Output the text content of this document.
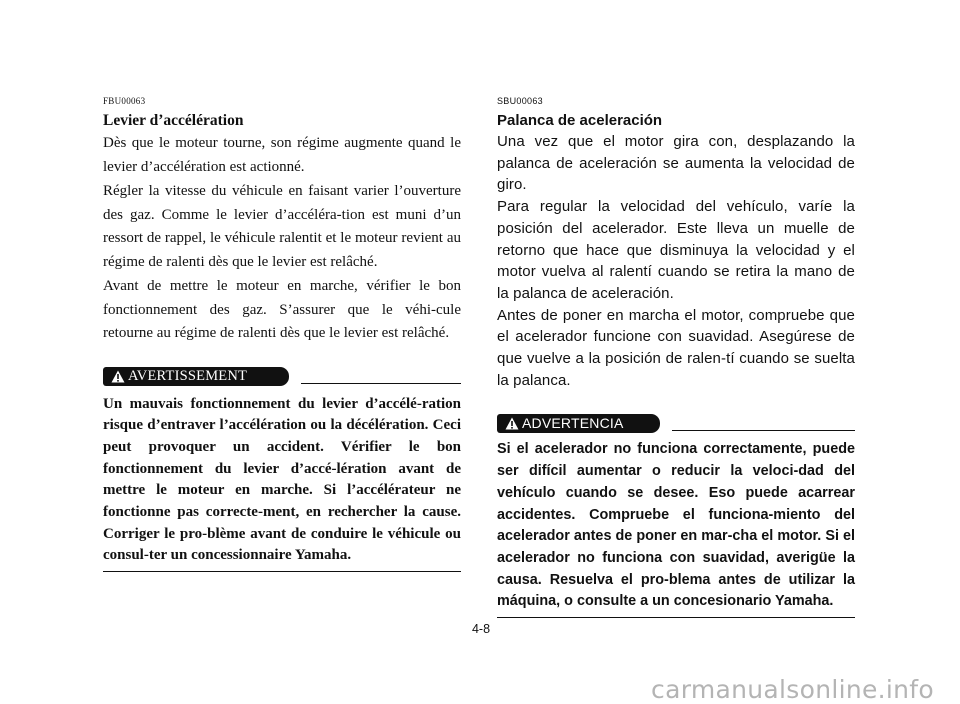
FBU00063

Levier d’accélération

Dès que le moteur tourne, son régime augmente quand le levier d’accélération est actionné.

Régler la vitesse du véhicule en faisant varier l’ouverture des gaz. Comme le levier d’accéléra-tion est muni d’un ressort de rappel, le véhicule ralentit et le moteur revient au régime de ralenti dès que le levier est relâché.

Avant de mettre le moteur en marche, vérifier le bon fonctionnement des gaz. S’assurer que le véhi-cule retourne au régime de ralenti dès que le levier est relâché.

AVERTISSEMENT

Un mauvais fonctionnement du levier d’accélé-ration risque d’entraver l’accélération ou la décélération. Ceci peut provoquer un accident. Vérifier le bon fonctionnement du levier d’accé-lération avant de mettre le moteur en marche. Si l’accélérateur ne fonctionne pas correcte-ment, en rechercher la cause. Corriger le pro-blème avant de conduire le véhicule ou consul-ter un concessionnaire Yamaha.

SBU00063

Palanca de aceleración

Una vez que el motor gira con, desplazando la palanca de aceleración se aumenta la velocidad de giro.

Para regular la velocidad del vehículo, varíe la posición del acelerador. Este lleva un muelle de retorno que hace que disminuya la velocidad y el motor vuelva al ralentí cuando se retira la mano de la palanca de aceleración.

Antes de poner en marcha el motor, compruebe que el acelerador funcione con suavidad. Asegúrese de que vuelve a la posición de ralen-tí cuando se suelta la palanca.

ADVERTENCIA

Si el acelerador no funciona correctamente, puede ser difícil aumentar o reducir la veloci-dad del vehículo cuando se desee. Eso puede acarrear accidentes. Compruebe el funciona-miento del acelerador antes de poner en mar-cha el motor. Si el acelerador no funciona con suavidad, averigüe la causa. Resuelva el pro-blema antes de utilizar la máquina, o consulte a un concesionario Yamaha.

4-8
carmanualsonline.info
